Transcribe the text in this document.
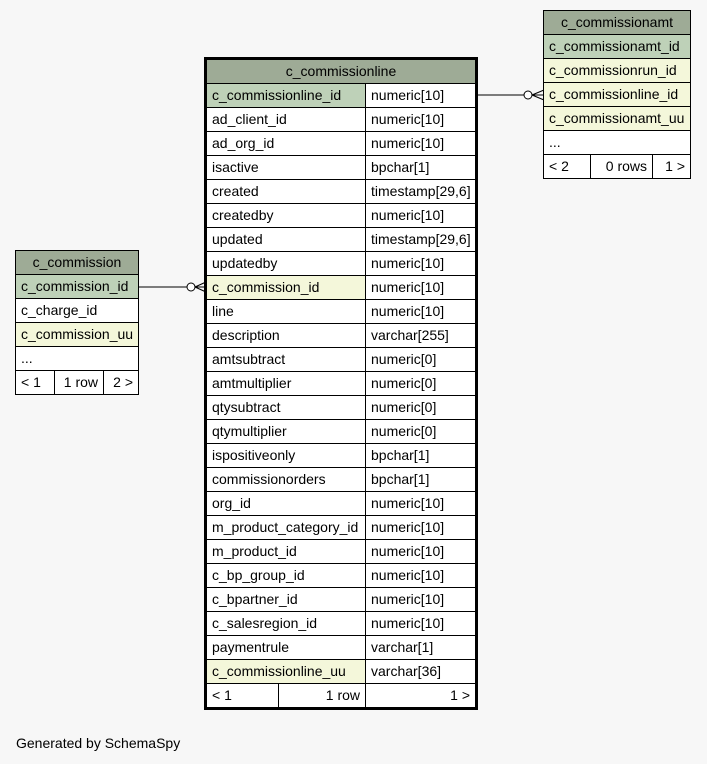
c_commissionline
c_commissionline_id	numeric[10]
ad_client_id	numeric[10]
ad_org_id	numeric[10]
isactive	bpchar[1]
created	timestamp[29,6]
createdby	numeric[10]
updated	timestamp[29,6]
updatedby	numeric[10]
c_commission_id	numeric[10]
line	numeric[10]
description	varchar[255]
amtsubtract	numeric[0]
amtmultiplier	numeric[0]
qtysubtract	numeric[0]
qtymultiplier	numeric[0]
ispositiveonly	bpchar[1]
commissionorders	bpchar[1]
org_id	numeric[10]
m_product_category_id numeric[10]
m_product_id	numeric[10]
c_bp_group_id	numeric[10]
c_bpartner_id	numeric[10]
c_salesregion_id	numeric[10]
paymentrule	varchar[1]
c_commissionline_uu	varchar[36]
< 1	1 row	1 >
c_commission
c_commission_id
c_charge_id
c_commission_uu
...
< 1	1 row	2 >
c_commissionamt
c_commissionamt_id
c_commissionrun_id
c_commissionline_id
c_commissionamt_uu
...
< 2	0 rows	1 >
Generated by SchemaSpy
